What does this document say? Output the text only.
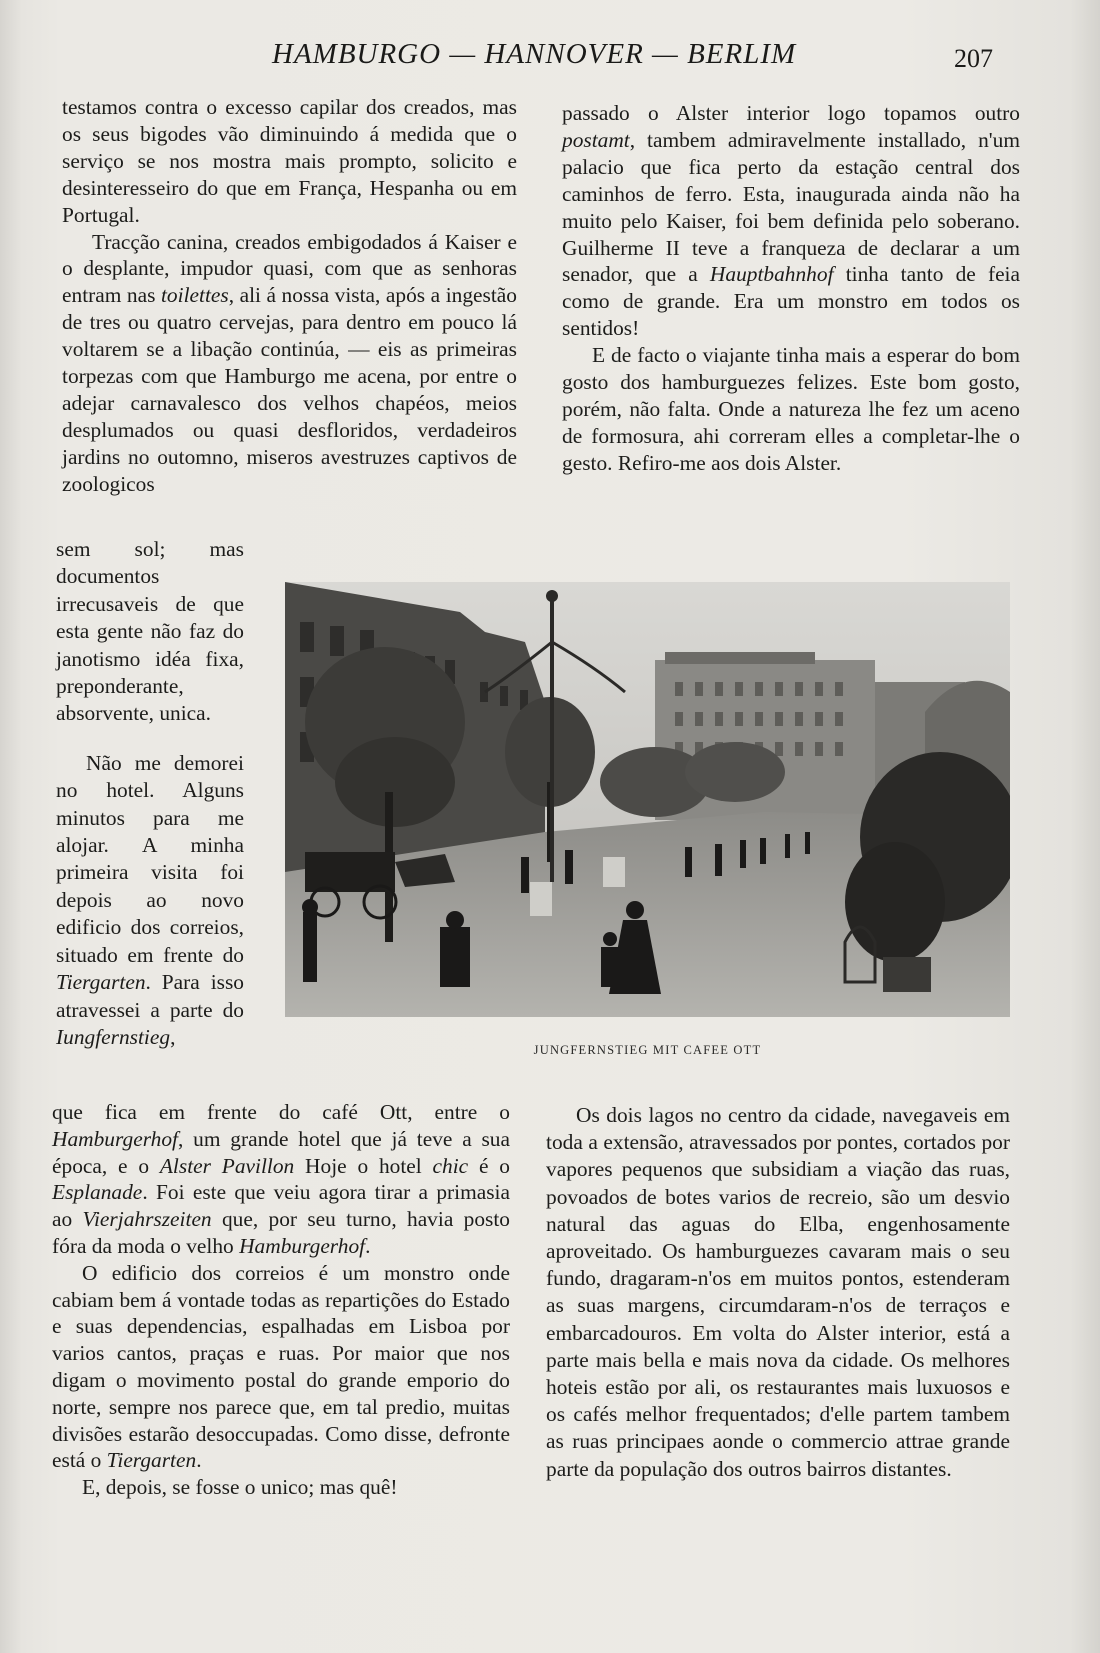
HAMBURGO — HANNOVER — BERLIM	207

testamos contra o excesso capilar dos creados, mas os seus bigodes vão diminuindo á medida que o serviço se nos mostra mais prompto, solicito e desinteresseiro do que em França, Hespanha ou em Portugal.

Tracção canina, creados embigodados á Kaiser e o desplante, impudor quasi, com que as senhoras entram nas toilettes, ali á nossa vista, após a ingestão de tres ou quatro cervejas, para dentro em pouco lá voltarem se a libação continúa, — eis as primeiras torpezas com que Hamburgo me acena, por entre o adejar carnavalesco dos velhos chapéos, meios desplumados ou quasi desfloridos, verdadeiros jardins no outomno, miseros avestruzes captivos de zoologicos

sem sol; mas documentos irrecusaveis de que esta gente não faz do janotismo idéa fixa, preponderante, absorvente, unica.

Não me demorei no hotel. Alguns minutos para me alojar. A minha primeira visita foi depois ao novo edificio dos correios, situado em frente do Tiergarten. Para isso atravessei a parte do Iungfernstieg,

que fica em frente do café Ott, entre o Hamburgerhof, um grande hotel que já teve a sua época, e o Alster Pavillon Hoje o hotel chic é o Esplanade. Foi este que veiu agora tirar a primasia ao Vierjahrszeiten que, por seu turno, havia posto fóra da moda o velho Hamburgerhof.

O edificio dos correios é um monstro onde cabiam bem á vontade todas as repartições do Estado e suas dependencias, espalhadas em Lisboa por varios cantos, praças e ruas. Por maior que nos digam o movimento postal do grande emporio do norte, sempre nos parece que, em tal predio, muitas divisões estarão desoccupadas. Como disse, defronte está o Tiergarten.

E, depois, se fosse o unico; mas quê!

passado o Alster interior logo topamos outro postamt, tambem admiravelmente installado, n'um palacio que fica perto da estação central dos caminhos de ferro. Esta, inaugurada ainda não ha muito pelo Kaiser, foi bem definida pelo soberano. Guilherme II teve a franqueza de declarar a um senador, que a Hauptbahnhof tinha tanto de feia como de grande. Era um monstro em todos os sentidos!

E de facto o viajante tinha mais a esperar do bom gosto dos hamburguezes felizes. Este bom gosto, porém, não falta. Onde a natureza lhe fez um aceno de formosura, ahi correram elles a completar-lhe o gesto. Refiro-me aos dois Alster.

JUNGFERNSTIEG MIT CAFEE OTT

Os dois lagos no centro da cidade, navegaveis em toda a extensão, atravessados por pontes, cortados por vapores pequenos que subsidiam a viação das ruas, povoados de botes varios de recreio, são um desvio natural das aguas do Elba, engenhosamente aproveitado. Os hamburguezes cavaram mais o seu fundo, dragaram-n'os em muitos pontos, estenderam as suas margens, circumdaram-n'os de terraços e embarcadouros. Em volta do Alster interior, está a parte mais bella e mais nova da cidade. Os melhores hoteis estão por ali, os restaurantes mais luxuosos e os cafés melhor frequentados; d'elle partem tambem as ruas principaes aonde o commercio attrae grande parte da população dos outros bairros distantes.
